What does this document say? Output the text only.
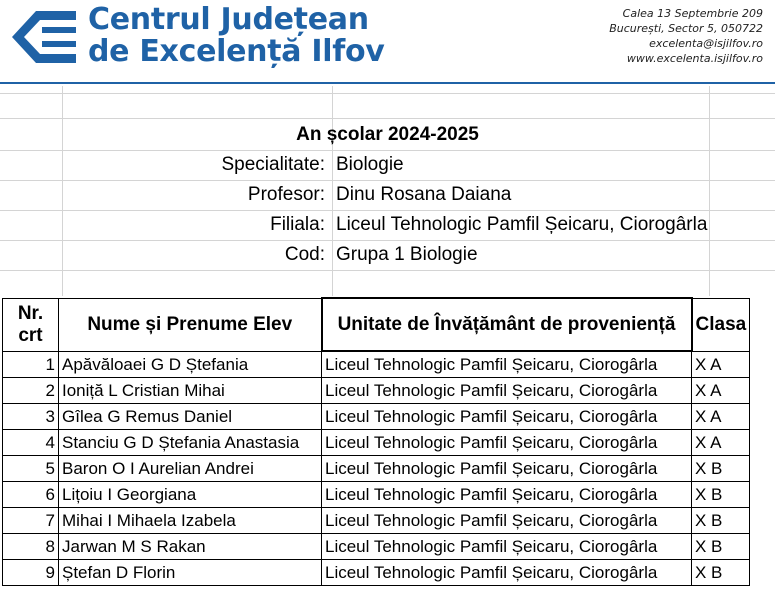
Centrul Județean
de Excelență Ilfov
Calea 13 Septembrie 209
București, Sector 5, 050722
excelenta@isjilfov.ro
www.excelenta.isjilfov.ro
An școlar 2024-2025
Specialitate: Biologie
Profesor: Dinu Rosana Daiana
Filiala: Liceul Tehnologic Pamfil Șeicaru, Ciorogârla
Cod: Grupa 1 Biologie
Nr.
crt	Nume și Prenume Elev	Unitate de Învățământ de proveniență	Clasa
1	Apăvăloaei G D Ștefania	Liceul Tehnologic Pamfil Șeicaru, Ciorogârla	X A
2	Ioniță L Cristian Mihai	Liceul Tehnologic Pamfil Șeicaru, Ciorogârla	X A
3	Gîlea G Remus Daniel	Liceul Tehnologic Pamfil Șeicaru, Ciorogârla	X A
4	Stanciu G D Ștefania Anastasia	Liceul Tehnologic Pamfil Șeicaru, Ciorogârla	X A
5	Baron O I Aurelian Andrei	Liceul Tehnologic Pamfil Șeicaru, Ciorogârla	X B
6	Lițoiu I Georgiana	Liceul Tehnologic Pamfil Șeicaru, Ciorogârla	X B
7	Mihai I Mihaela Izabela	Liceul Tehnologic Pamfil Șeicaru, Ciorogârla	X B
8	Jarwan M S Rakan	Liceul Tehnologic Pamfil Șeicaru, Ciorogârla	X B
9	Ștefan D Florin	Liceul Tehnologic Pamfil Șeicaru, Ciorogârla	X B
